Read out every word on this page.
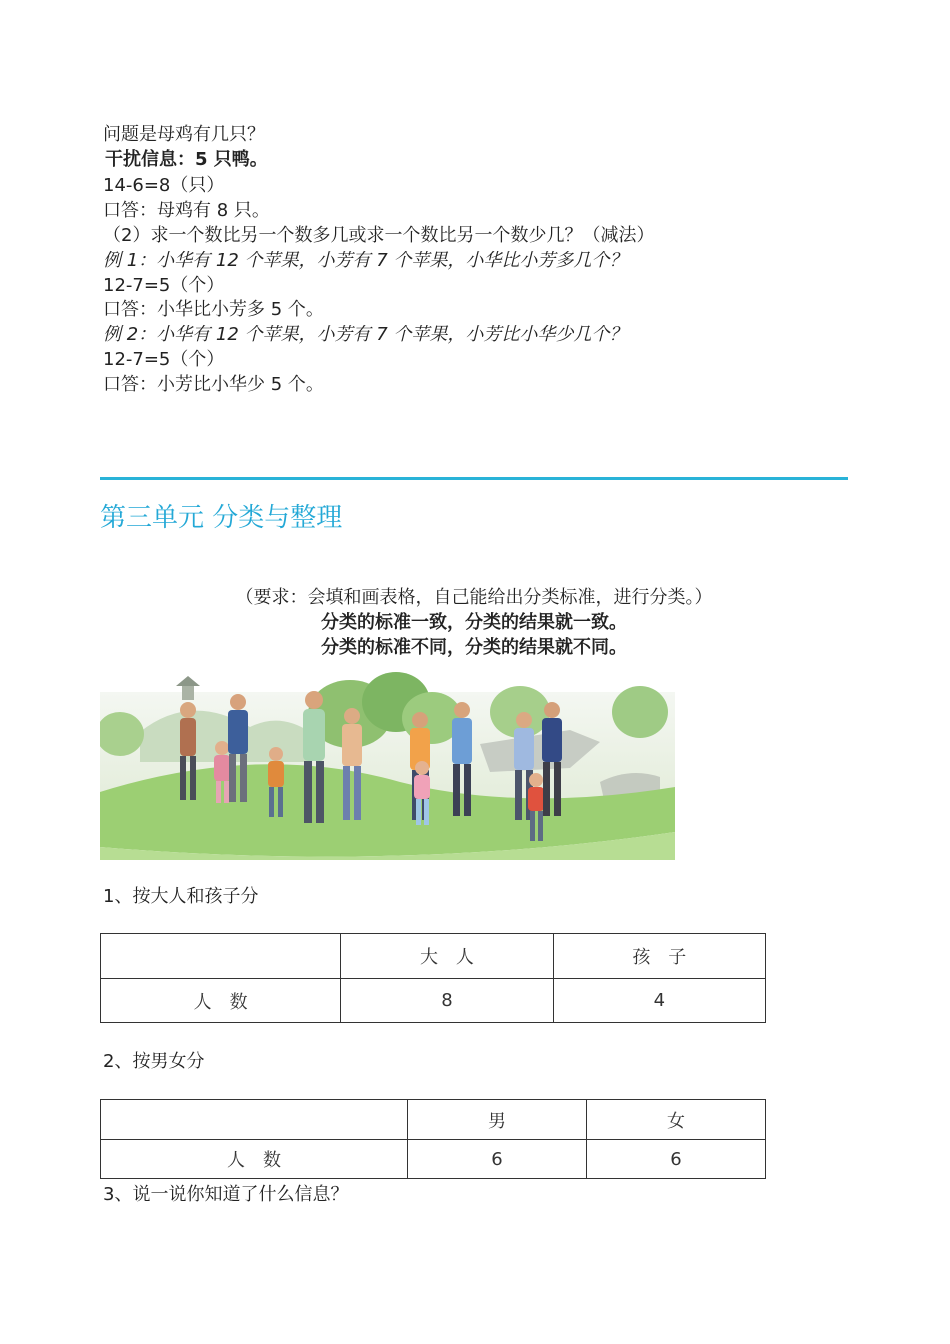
问题是母鸡有几只？
干扰信息：5 只鸭。
14-6=8（只）
口答：母鸡有 8 只。
（2）求一个数比另一个数多几或求一个数比另一个数少几？（减法）
例 1：小华有 12 个苹果，小芳有 7 个苹果，小华比小芳多几个？
12-7=5（个）
口答：小华比小芳多 5 个。
例 2：小华有 12 个苹果，小芳有 7 个苹果，小芳比小华少几个？
12-7=5（个）
口答：小芳比小华少 5 个。
第三单元 分类与整理
（要求：会填和画表格，自己能给出分类标准，进行分类。）
分类的标准一致，分类的结果就一致。
分类的标准不同，分类的结果就不同。
1、按大人和孩子分
	大　人	孩　子
人　数	8	4
2、按男女分
	男	女
人　数	6	6
3、说一说你知道了什么信息？
